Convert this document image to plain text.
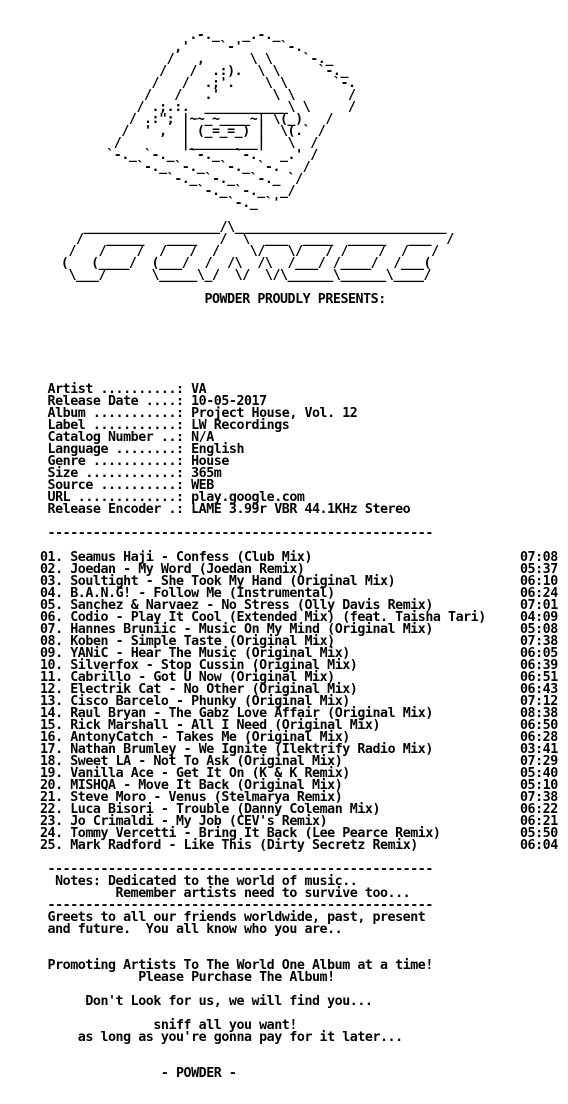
.-._   _.-._
,'    `-'     `-.
/   ,      \ \    `-._
/   /  .:).  \ \     `-._
/   /  .;'.    \ \      `-.
/   /   .'       \ \       /
/ .;.:.  ___________\ \     /
/ .:"; |~~_~____~| \(_)   /
/  ' ,  | (_=_=_) |  \(.` /
/        |_________|   \  /
`-._ `-._  `-._  `-.   _.' /
`-._ `-._  `-._ `-.   /
`-._ `-._  `-._ `/
`-._ `-._  _/
`-._ `'

__________________/\____________________________
/   _____   ____   /  \  ___  ____  _____   ___  /
/   /    /  /   /  /    \/   \/   / /    /  /   /
(   (____/  (___/  /  /\  /\  /___/ /____/  /___(
\___/      \_____\_/  \/  \/\______\______\____/

POWDER PROUDLY PRESENTS:
Artist ..........: VA
Release Date ....: 10-05-2017
Album ...........: Project House, Vol. 12
Label ...........: LW Recordings
Catalog Number ..: N/A
Language ........: English
Genre ...........: House
Size ............: 365m
Source ..........: WEB
URL .............: play.google.com
Release Encoder .: LAME 3.99r VBR 44.1KHz Stereo

---------------------------------------------------

01. Seamus Haji - Confess (Club Mix)	07:08
02. Joedan - My Word (Joedan Remix)	05:37
03. Soultight - She Took My Hand (Original Mix)	06:10
04. B.A.N.G! - Follow Me (Instrumental)	06:24
05. Sanchez & Narvaez - No Stress (Olly Davis Remix)	07:01
06. Codio - Play It Cool (Extended Mix) (feat. Taisha Tari)	04:09
07. Hannes Bruniic - Music On My Mind (Original Mix)	05:08
08. Koben - Simple Taste (Original Mix)	07:38
09. YANiC - Hear The Music (Original Mix)	06:05
10. Silverfox - Stop Cussin (Original Mix)	06:39
11. Cabrillo - Got U Now (Original Mix)	06:51
12. Electrik Cat - No Other (Original Mix)	06:43
13. Cisco Barcelo - Phunky (Original Mix)	07:12
14. Raul Bryan - The Gabz Love Affair (Original Mix)	08:38
15. Rick Marshall - All I Need (Original Mix)	06:50
16. AntonyCatch - Takes Me (Original Mix)	06:28
17. Nathan Brumley - We Ignite (Ilektrify Radio Mix)	03:41
18. Sweet LA - Not To Ask (Original Mix)	07:29
19. Vanilla Ace - Get It On (K & K Remix)	05:40
20. MISHQA - Move It Back (Original Mix)	05:10
21. Steve Moro - Venus (Stelmarya Remix)	07:38
22. Luca Bisori - Trouble (Danny Coleman Mix)	06:22
23. Jo Crimaldi - My Job (CEV's Remix)	06:21
24. Tommy Vercetti - Bring It Back (Lee Pearce Remix)	05:50
25. Mark Radford - Like This (Dirty Secretz Remix)	06:04
---------------------------------------------------
Notes: Dedicated to the world of music..
Remember artists need to survive too...
---------------------------------------------------
Greets to all our friends worldwide, past, present
and future.  You all know who you are..

Promoting Artists To The World One Album at a time!
Please Purchase The Album!

Don't Look for us, we will find you...

sniff all you want!
as long as you're gonna pay for it later...

- POWDER -
